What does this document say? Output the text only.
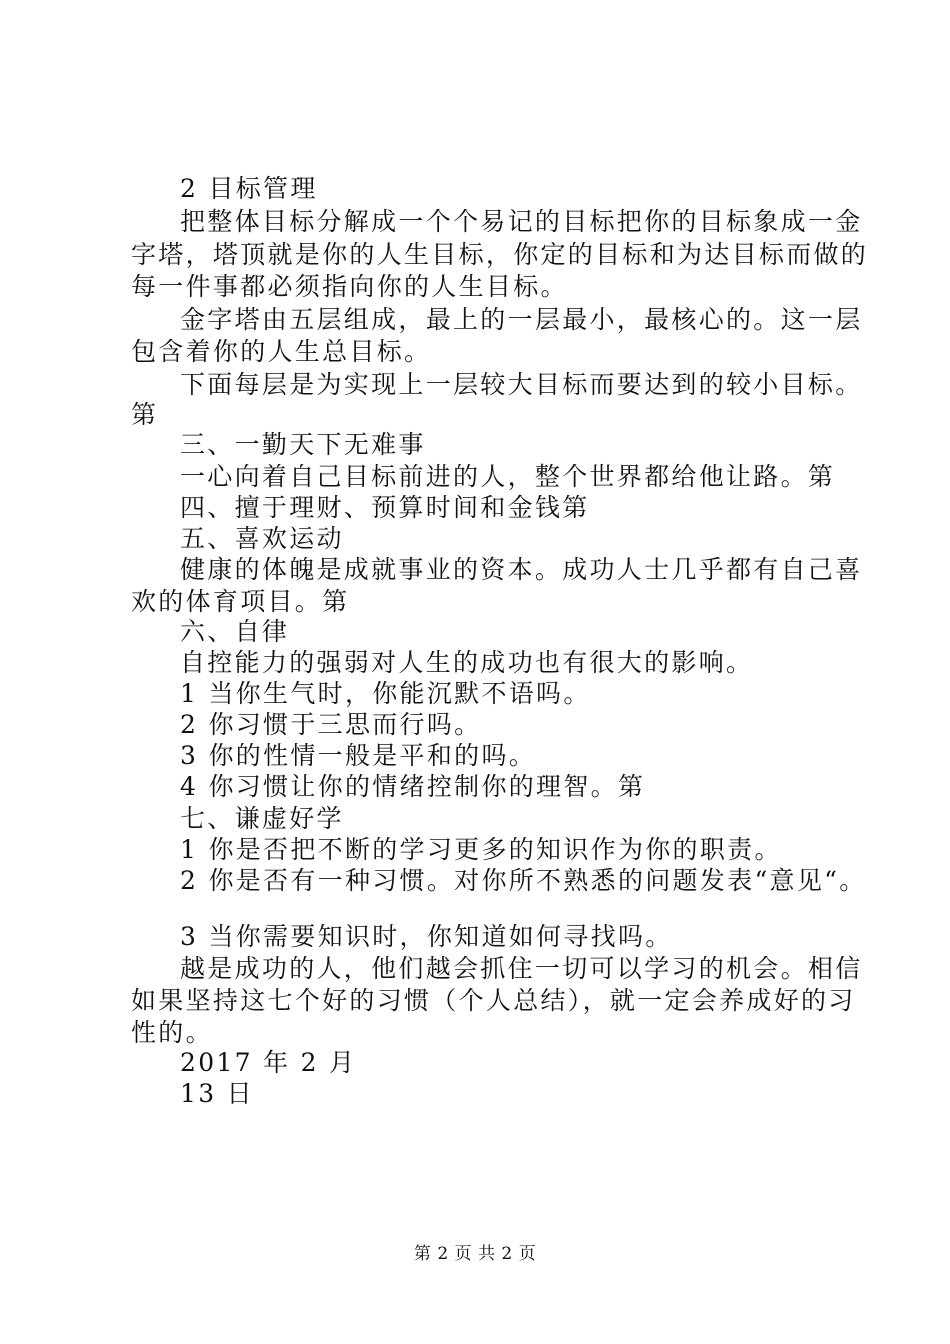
2 目标管理
把整体目标分解成一个个易记的目标把你的目标象成一金
字塔，塔顶就是你的人生目标，你定的目标和为达目标而做的
每一件事都必须指向你的人生目标。
金字塔由五层组成，最上的一层最小，最核心的。这一层
包含着你的人生总目标。
下面每层是为实现上一层较大目标而要达到的较小目标。
第
三、一勤天下无难事
一心向着自己目标前进的人，整个世界都给他让路。第
四、擅于理财、预算时间和金钱第
五、喜欢运动
健康的体魄是成就事业的资本。成功人士几乎都有自己喜
欢的体育项目。第
六、自律
自控能力的强弱对人生的成功也有很大的影响。
1 当你生气时，你能沉默不语吗。
2 你习惯于三思而行吗。
3 你的性情一般是平和的吗。
4 你习惯让你的情绪控制你的理智。第
七、谦虚好学
1 你是否把不断的学习更多的知识作为你的职责。
2 你是否有一种习惯。对你所不熟悉的问题发表“意见“。
3 当你需要知识时，你知道如何寻找吗。
越是成功的人，他们越会抓住一切可以学习的机会。相信
如果坚持这七个好的习惯（个人总结），就一定会养成好的习
性的。
2017 年 2 月
13 日
第 2 页 共 2 页
